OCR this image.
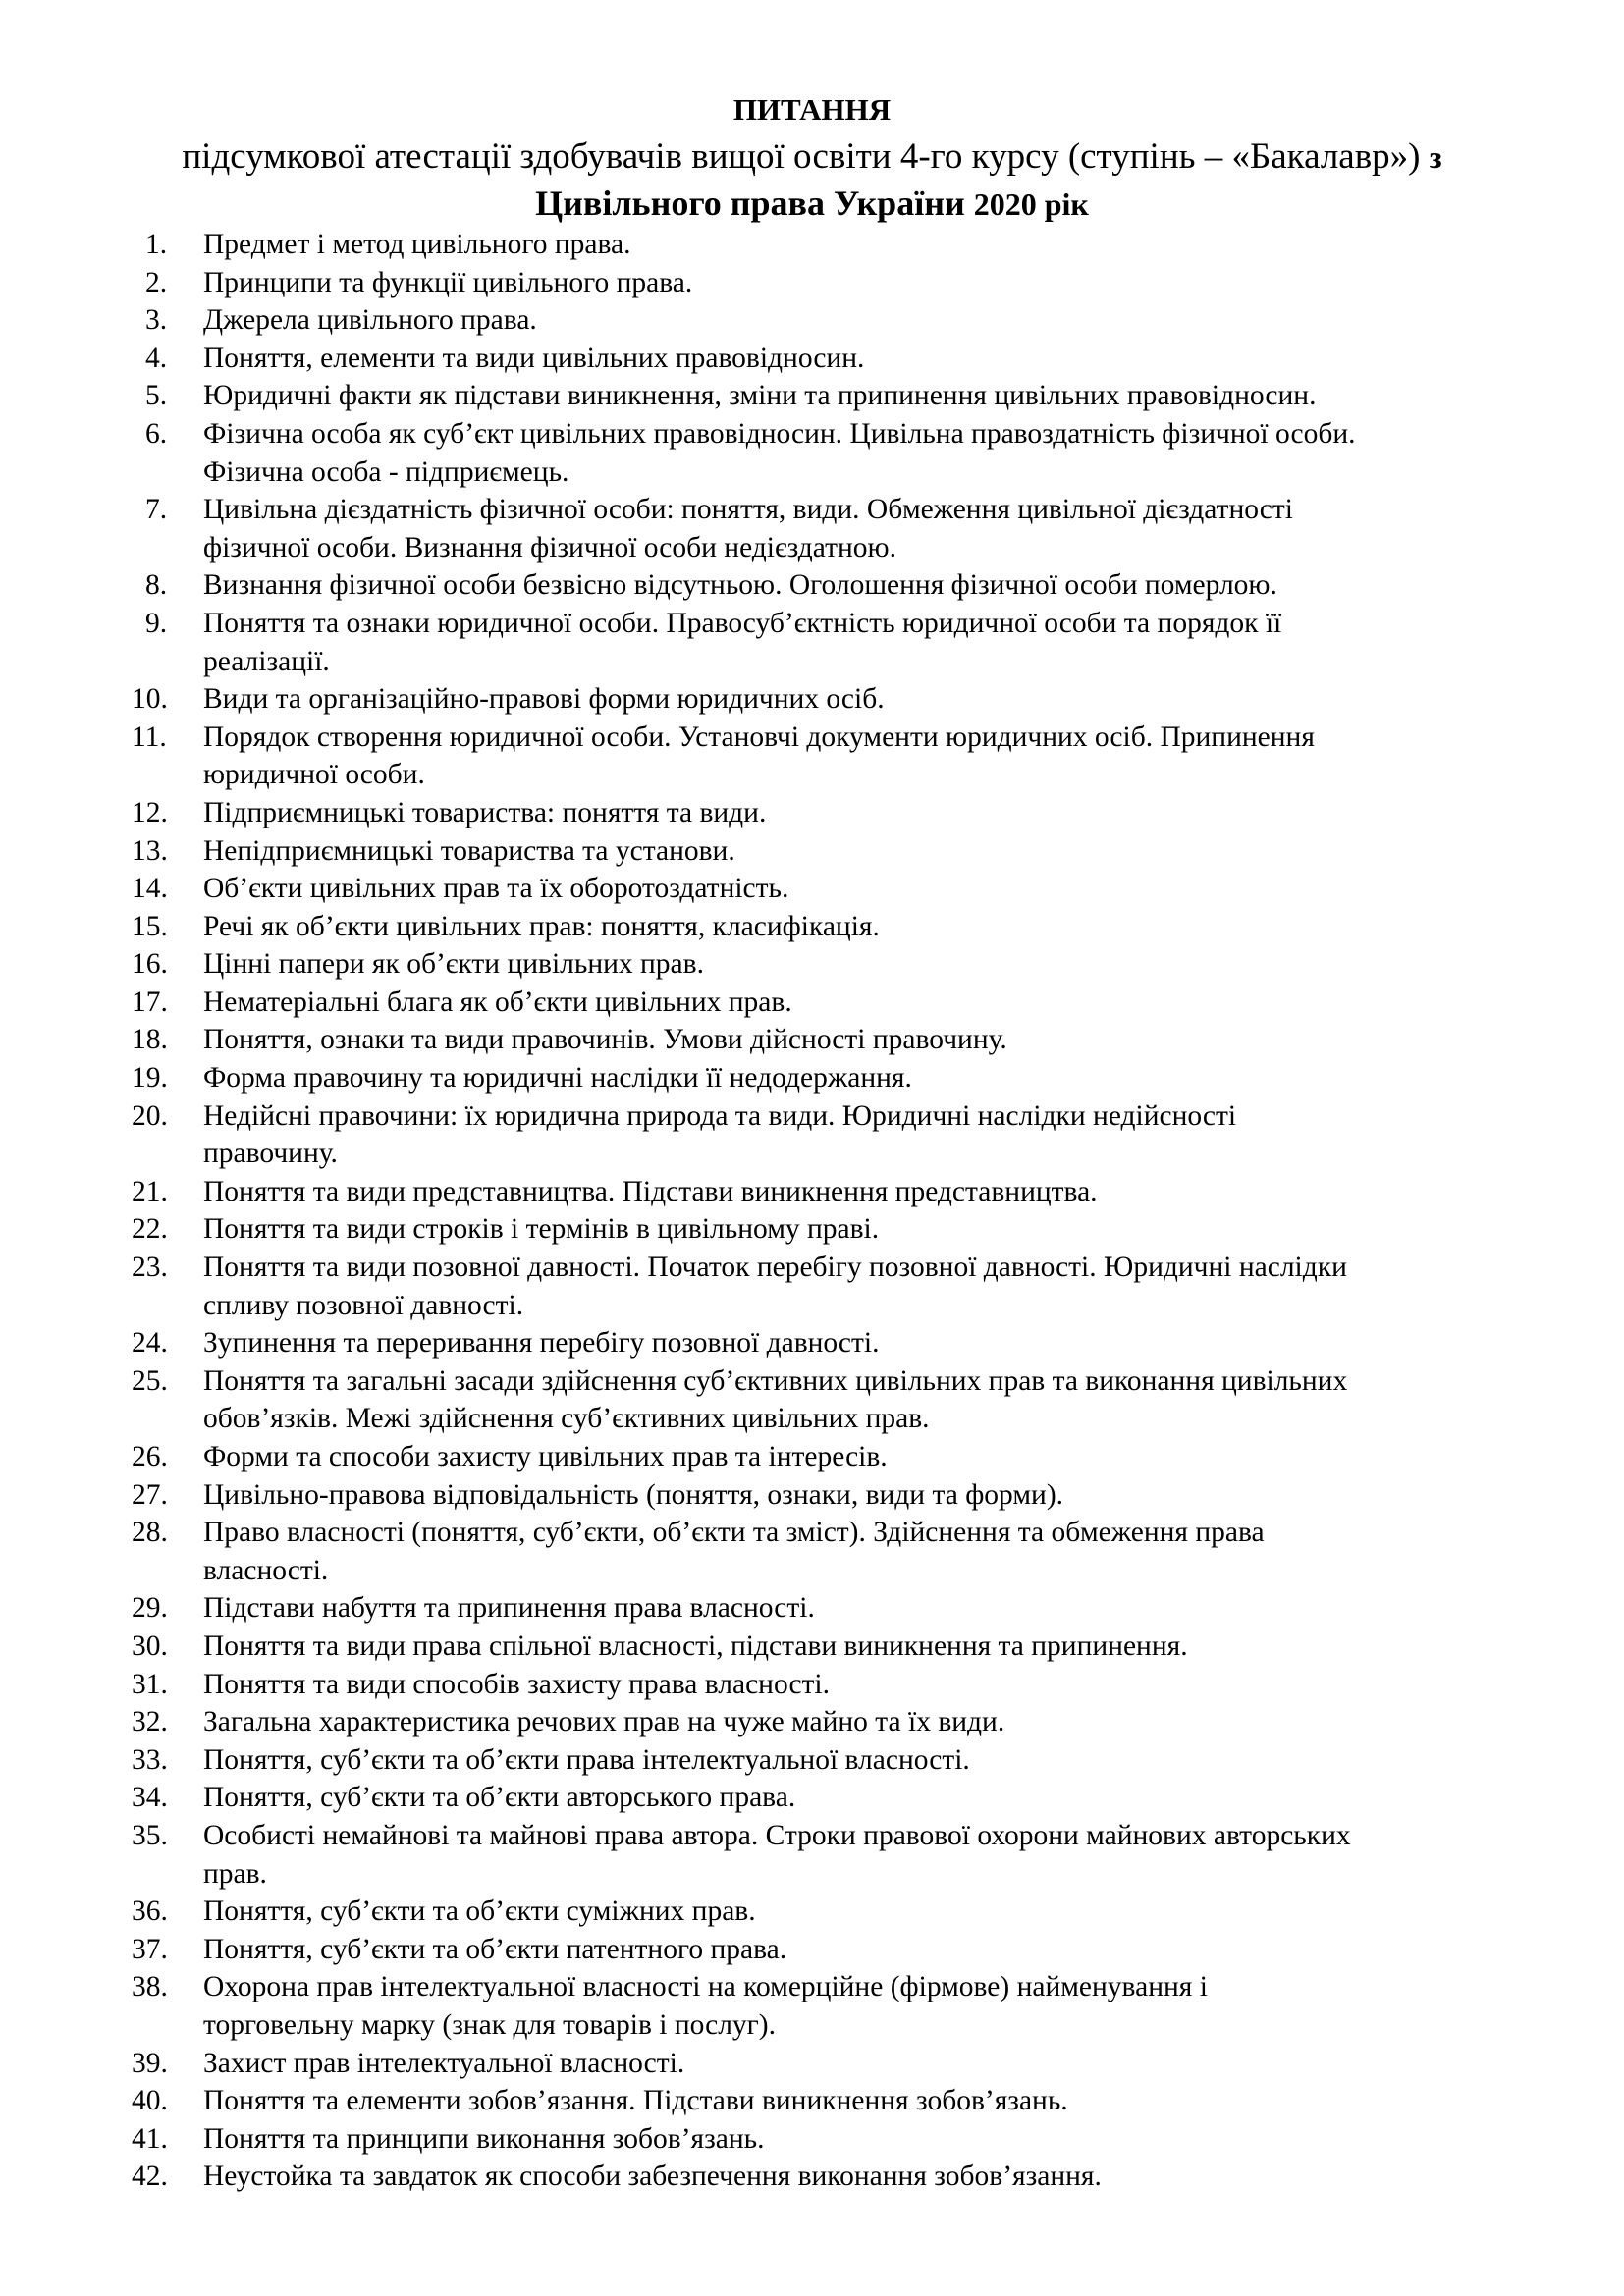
ПИТАННЯ
підсумкової атестації здобувачів вищої освіти 4-го курсу (ступінь – «Бакалавр») з
Цивільного права України 2020 рік
1.	Предмет і метод цивільного права.
2.	Принципи та функції цивільного права.
3.	Джерела цивільного права.
4.	Поняття, елементи та види цивільних правовідносин.
5.	Юридичні факти як підстави виникнення, зміни та припинення цивільних правовідносин.
6.	Фізична особа як суб’єкт цивільних правовідносин. Цивільна правоздатність фізичної особи.
Фізична особа - підприємець.
7.	Цивільна дієздатність фізичної особи: поняття, види. Обмеження цивільної дієздатності
фізичної особи. Визнання фізичної особи недієздатною.
8.	Визнання фізичної особи безвісно відсутньою. Оголошення фізичної особи померлою.
9.	Поняття та ознаки юридичної особи. Правосуб’єктність юридичної особи та порядок її
реалізації.
10.	Види та організаційно-правові форми юридичних осіб.
11.	Порядок створення юридичної особи. Установчі документи юридичних осіб. Припинення
юридичної особи.
12.	Підприємницькі товариства: поняття та види.
13.	Непідприємницькі товариства та установи.
14.	Об’єкти цивільних прав та їх оборотоздатність.
15.	Речі як об’єкти цивільних прав: поняття, класифікація.
16.	Цінні папери як об’єкти цивільних прав.
17.	Нематеріальні блага як об’єкти цивільних прав.
18.	Поняття, ознаки та види правочинів. Умови дійсності правочину.
19.	Форма правочину та юридичні наслідки її недодержання.
20.	Недійсні правочини: їх юридична природа та види. Юридичні наслідки недійсності
правочину.
21.	Поняття та види представництва. Підстави виникнення представництва.
22.	Поняття та види строків і термінів в цивільному праві.
23.	Поняття та види позовної давності. Початок перебігу позовної давності. Юридичні наслідки
спливу позовної давності.
24.	Зупинення та переривання перебігу позовної давності.
25.	Поняття та загальні засади здійснення суб’єктивних цивільних прав та виконання цивільних
обов’язків. Межі здійснення суб’єктивних цивільних прав.
26.	Форми та способи захисту цивільних прав та інтересів.
27.	Цивільно-правова відповідальність (поняття, ознаки, види та форми).
28.	Право власності (поняття, суб’єкти, об’єкти та зміст). Здійснення та обмеження права
власності.
29.	Підстави набуття та припинення права власності.
30.	Поняття та види права спільної власності, підстави виникнення та припинення.
31.	Поняття та види способів захисту права власності.
32.	Загальна характеристика речових прав на чуже майно та їх види.
33.	Поняття, суб’єкти та об’єкти права інтелектуальної власності.
34.	Поняття, суб’єкти та об’єкти авторського права.
35.	Особисті немайнові та майнові права автора. Строки правової охорони майнових авторських
прав.
36.	Поняття, суб’єкти та об’єкти суміжних прав.
37.	Поняття, суб’єкти та об’єкти патентного права.
38.	Охорона прав інтелектуальної власності на комерційне (фірмове) найменування і
торговельну марку (знак для товарів і послуг).
39.	Захист прав інтелектуальної власності.
40.	Поняття та елементи зобов’язання. Підстави виникнення зобов’язань.
41.	Поняття та принципи виконання зобов’язань.
42.	Неустойка та завдаток як способи забезпечення виконання зобов’язання.
